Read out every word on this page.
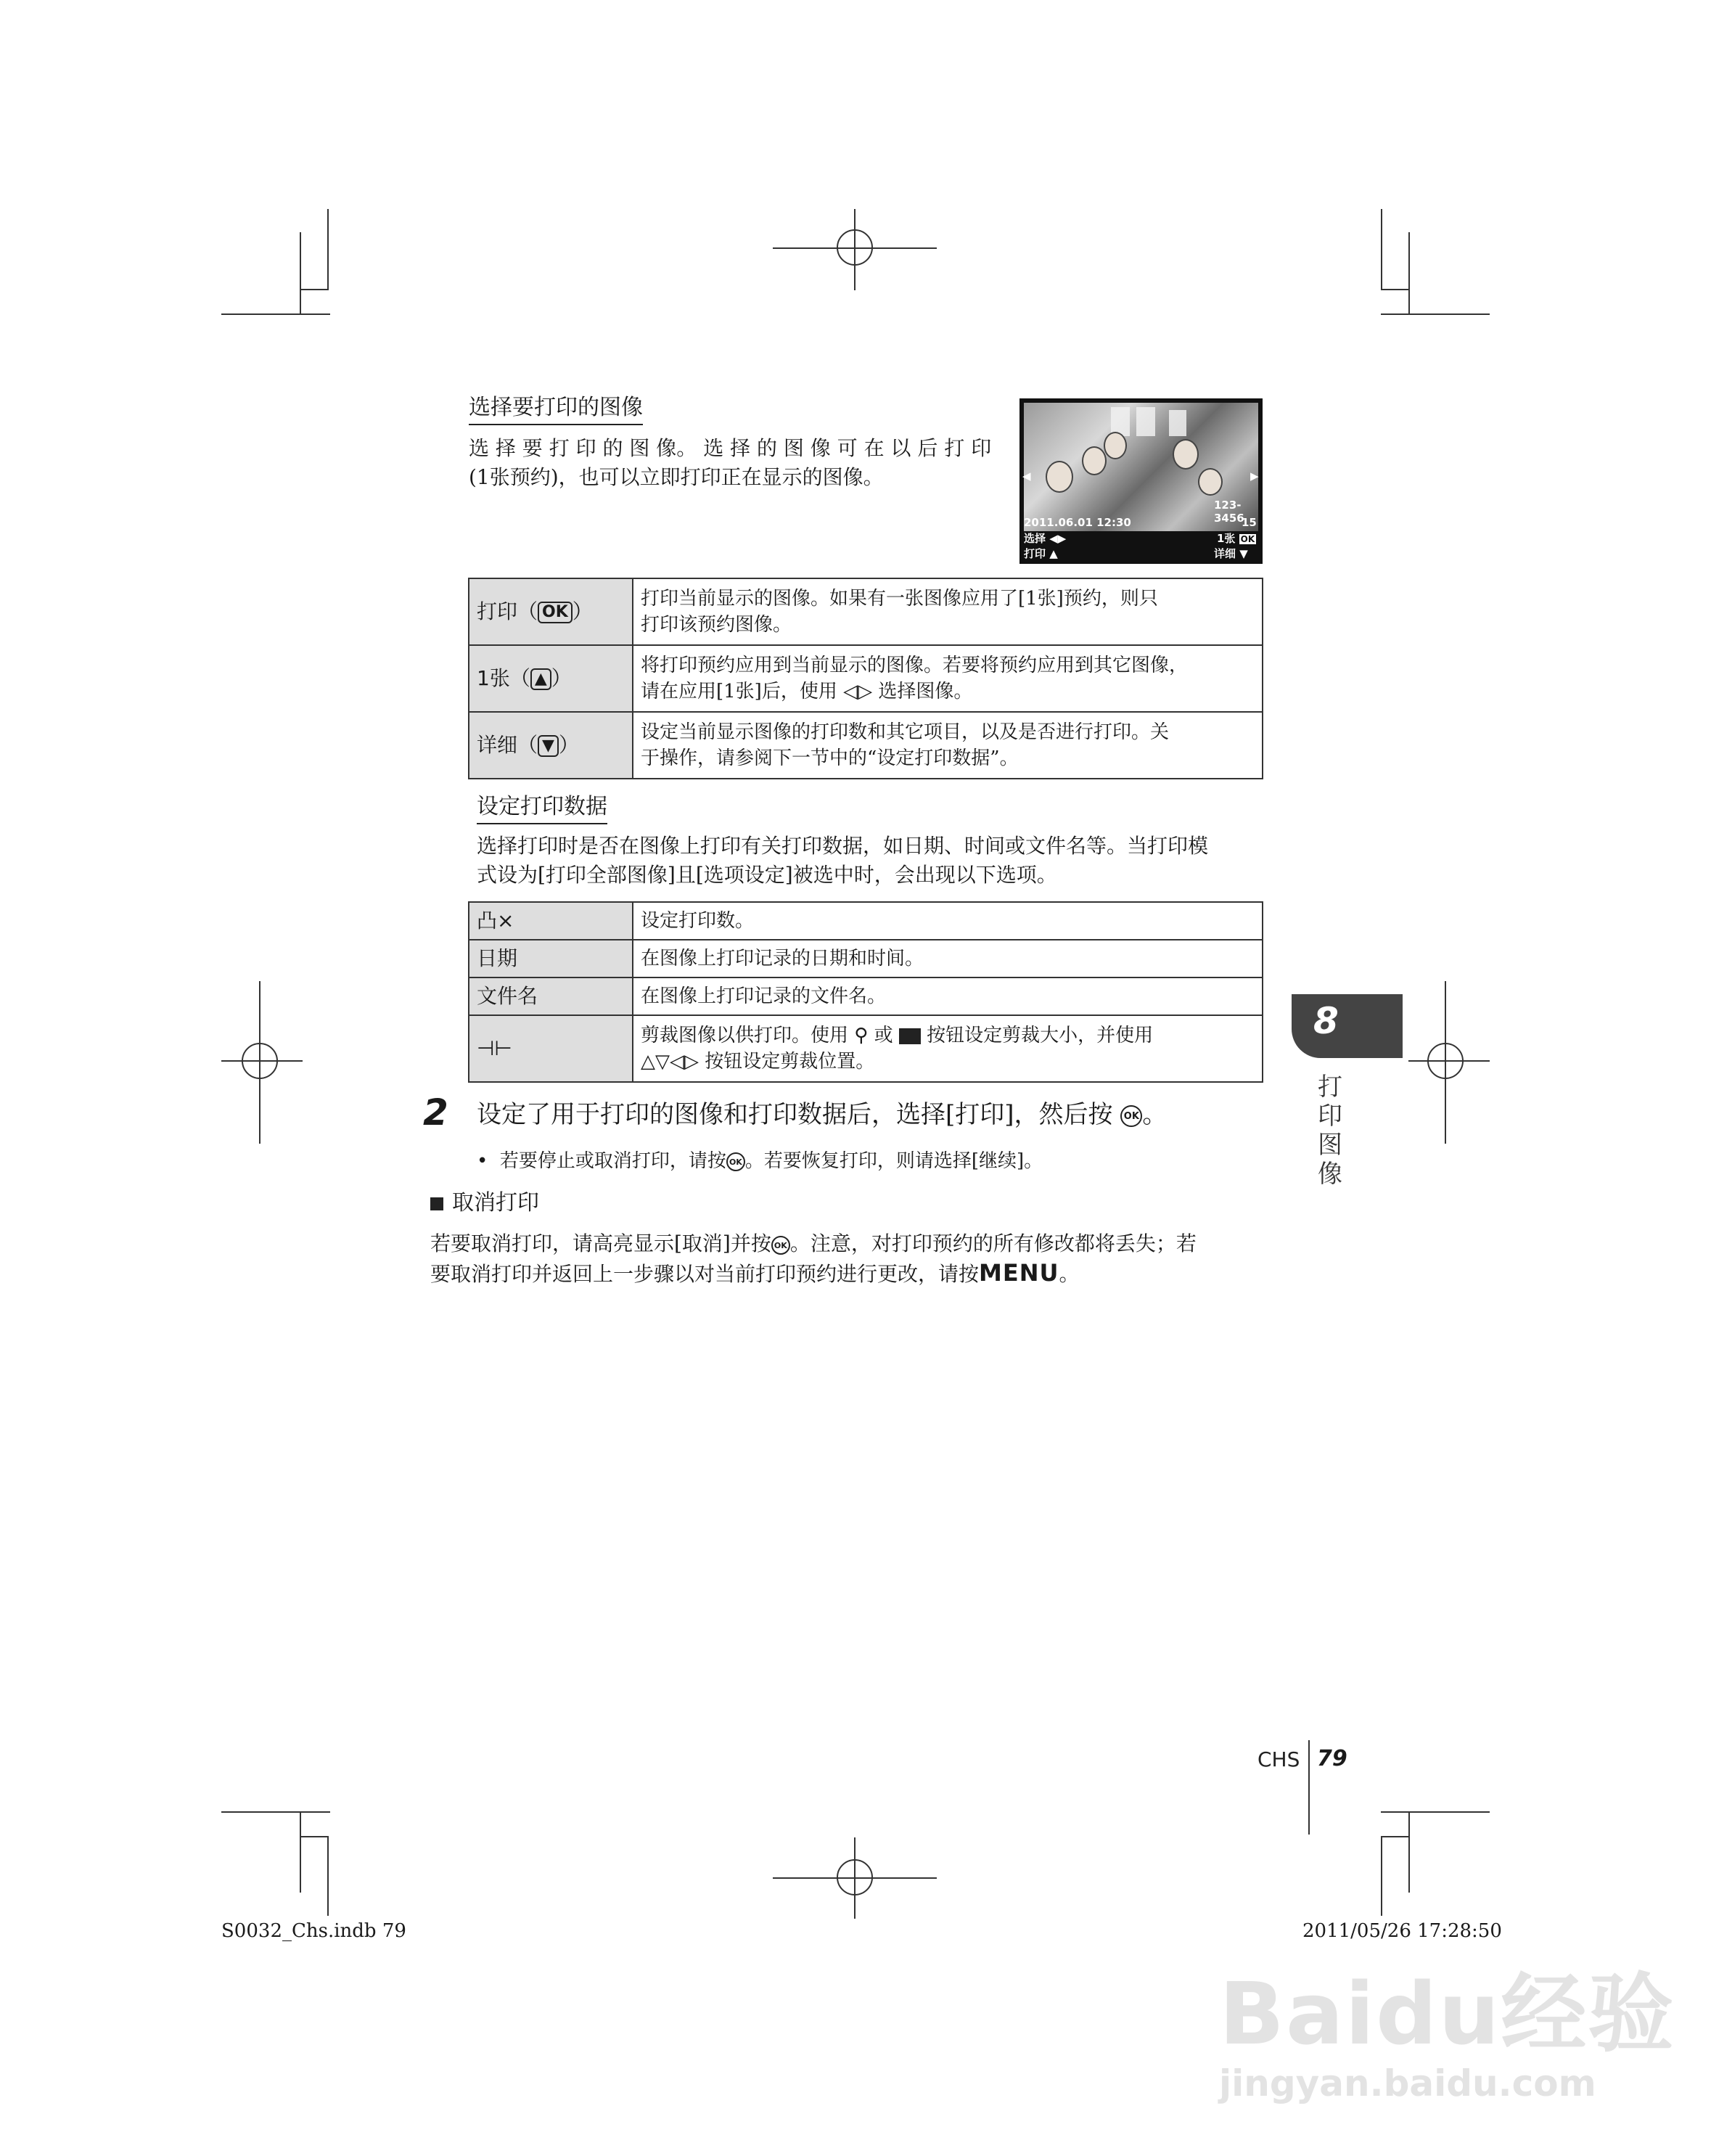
选择要打印的图像
选 择 要 打 印 的 图 像。 选 择 的 图 像 可 在 以 后 打 印
(1张预约)，也可以立即打印正在显示的图像。	◀	▶
123-3456
2011.06.01 12:30	15
选择 ◀▶
打印 ▲
1张 OK
详细 ▼
打印（ OK ）	打印当前显示的图像。如果有一张图像应用了[1张]预约，则只
打印该预约图像。

1张（ ▲ ）	将打印预约应用到当前显示的图像。若要将预约应用到其它图像，
请在应用[1张]后，使用 ◁▷ 选择图像。

详细（ ▼ ）	设定当前显示图像的打印数和其它项目，以及是否进行打印。关
于操作，请参阅下一节中的“设定打印数据”。
设定打印数据
选择打印时是否在图像上打印有关打印数据，如日期、时间或文件名等。当打印模
式设为[打印全部图像]且[选项设定]被选中时，会出现以下选项。
凸×	设定打印数。
日期	在图像上打印记录的日期和时间。
文件名	在图像上打印记录的文件名。
⊣⊢	剪裁图像以供打印。使用 ⚲ 或 按钮设定剪裁大小，并使用
△▽◁▷ 按钮设定剪裁位置。
2 设定了用于打印的图像和打印数据后，选择[打印]，然后按 OK 。
• 若要停止或取消打印，请按 OK 。若要恢复打印，则请选择[继续]。
取消打印
若要取消打印，请高亮显示[取消]并按 OK 。注意，对打印预约的所有修改都将丢失；若
要取消打印并返回上一步骤以对当前打印预约进行更改，请按MENU。
8
打
印
图
像
CHS 79
S0032_Chs.indb 79	2011/05/26 17:28:50
Baidu经验
jingyan.baidu.com
